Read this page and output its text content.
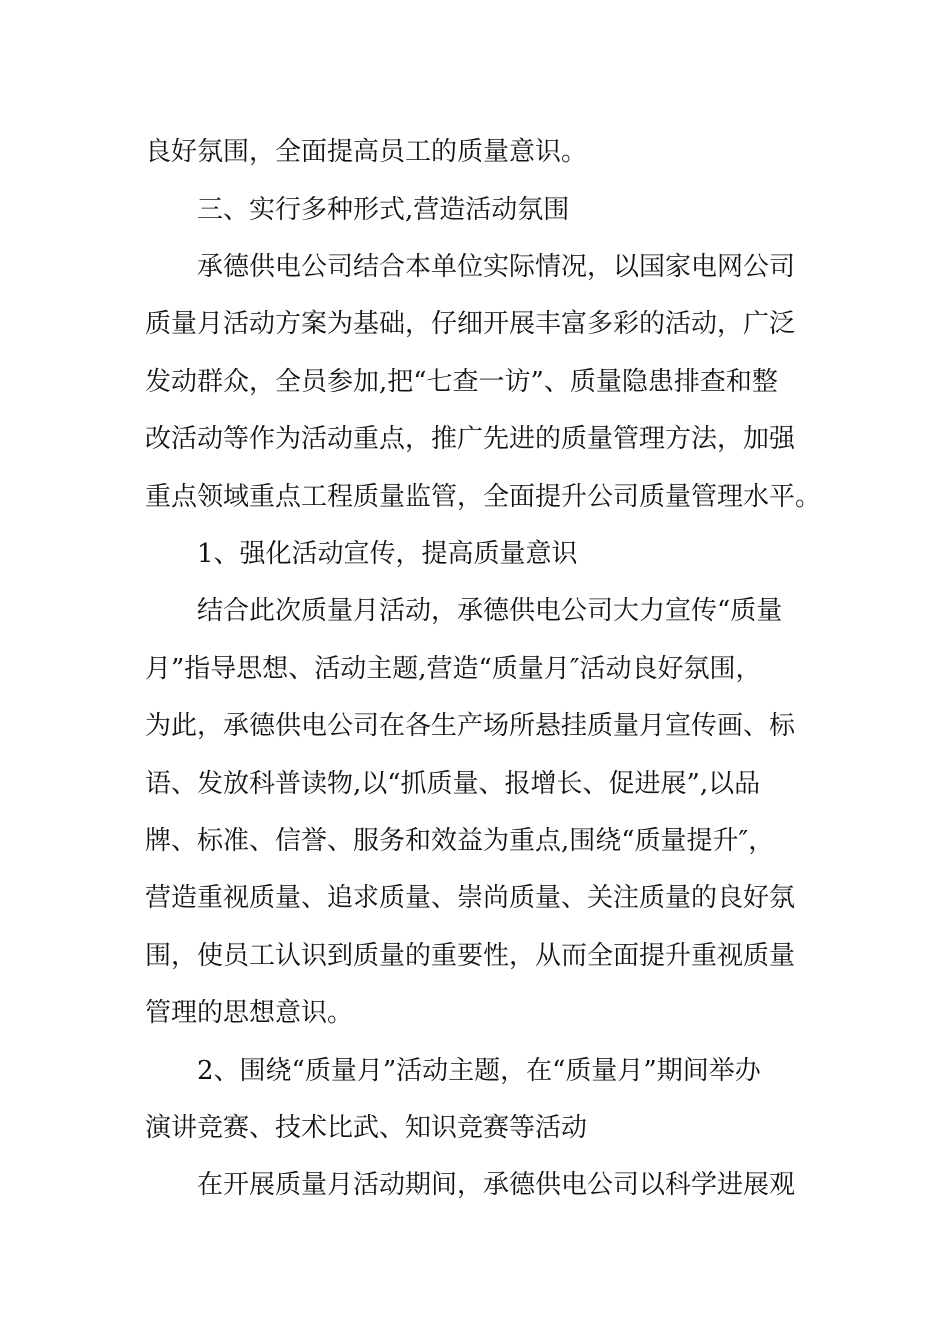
良好氛围，全面提高员工的质量意识。
三、实行多种形式,营造活动氛围
承德供电公司结合本单位实际情况，以国家电网公司
质量月活动方案为基础，仔细开展丰富多彩的活动，广泛
发动群众，全员参加,把“七查一访”、质量隐患排查和整
改活动等作为活动重点，推广先进的质量管理方法，加强
重点领域重点工程质量监管，全面提升公司质量管理水平。
1、强化活动宣传，提高质量意识
结合此次质量月活动，承德供电公司大力宣传“质量
月”指导思想、活动主题,营造“质量月″活动良好氛围，
为此，承德供电公司在各生产场所悬挂质量月宣传画、标
语、发放科普读物,以“抓质量、报增长、促进展”,以品
牌、标准、信誉、服务和效益为重点,围绕“质量提升″，
营造重视质量、追求质量、崇尚质量、关注质量的良好氛
围，使员工认识到质量的重要性，从而全面提升重视质量
管理的思想意识。
2、围绕“质量月”活动主题，在“质量月”期间举办
演讲竞赛、技术比武、知识竞赛等活动
在开展质量月活动期间，承德供电公司以科学进展观
